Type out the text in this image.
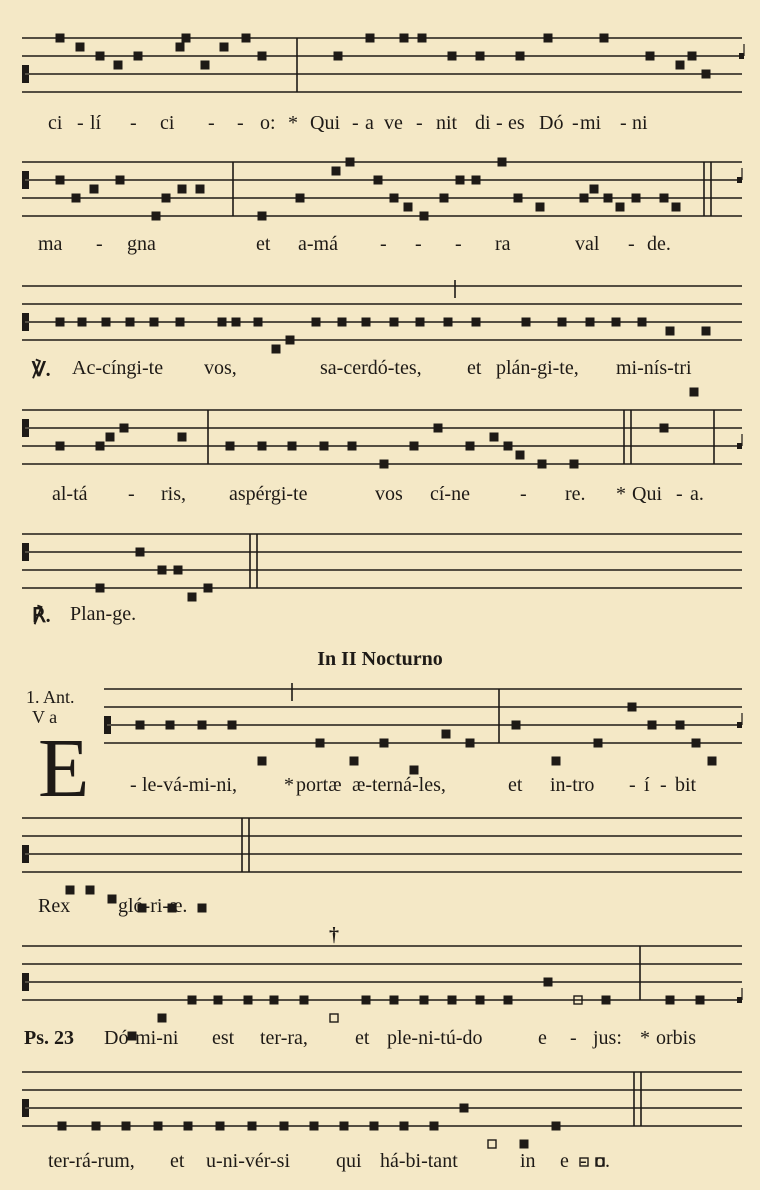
ci - lí - ci - - o: * Qui - a ve - nit di - es Dó - mi - ni
ma - gna	et a-má - - - ra	val - de.
℣. Ac-cíngi-te vos,	sa-cerdó-tes, et plán-gi-te, mi-nís-tri
al-tá - ris, aspérgi-te	vos cí-ne	- re. * Qui - a.
℟. Plan-ge.
In II Nocturno
1. Ant.
V a
E - le-vá-mi-ni, * portæ æ-terná-les,	et in-tro - í - bit
Rex gló-ri-æ.
†
Ps. 23 Dó-mi-ni est ter-ra, et ple-ni-tú-do	e - jus: * orbis
ter-rá-rum, et u-ni-vér-si qui há-bi-tant	in e - o.
